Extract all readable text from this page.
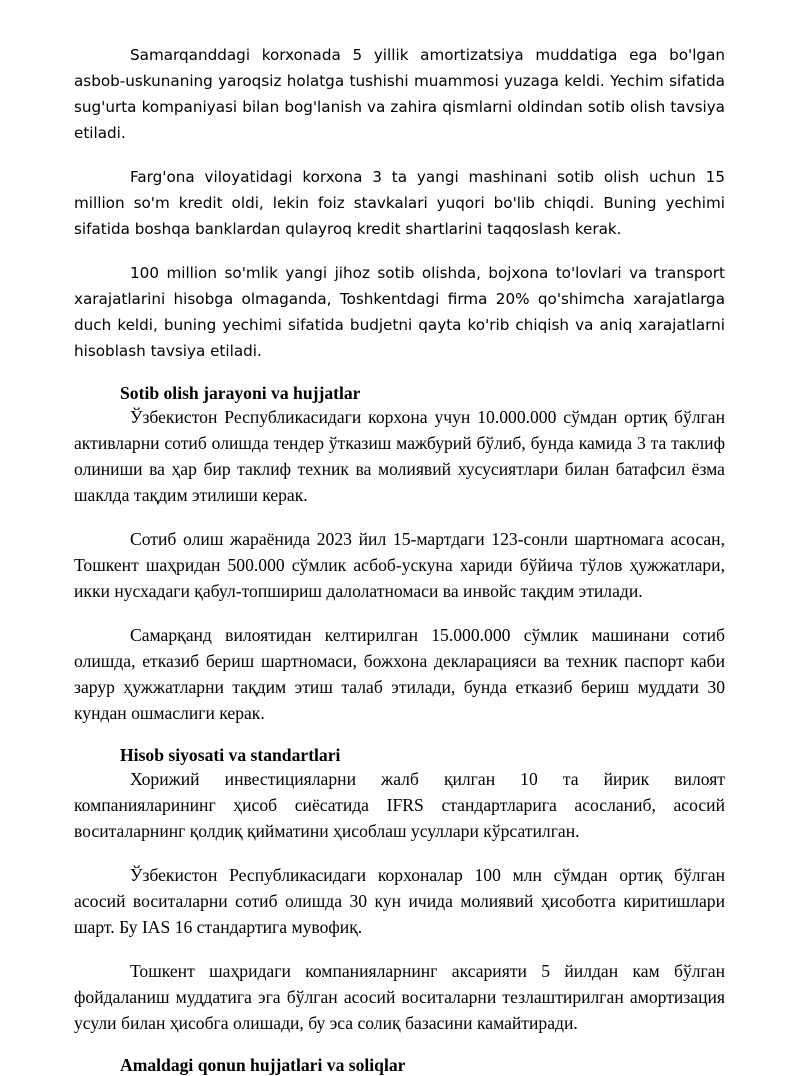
Samarqanddagi korxonada 5 yillik amortizatsiya muddatiga ega bo'lgan asbob-uskunaning yaroqsiz holatga tushishi muammosi yuzaga keldi. Yechim sifatida sug'urta kompaniyasi bilan bog'lanish va zahira qismlarni oldindan sotib olish tavsiya etiladi.

Farg'ona viloyatidagi korxona 3 ta yangi mashinani sotib olish uchun 15 million so'm kredit oldi, lekin foiz stavkalari yuqori bo'lib chiqdi. Buning yechimi sifatida boshqa banklardan qulayroq kredit shartlarini taqqoslash kerak.

100 million so'mlik yangi jihoz sotib olishda, bojxona to'lovlari va transport xarajatlarini hisobga olmaganda, Toshkentdagi firma 20% qo'shimcha xarajatlarga duch keldi, buning yechimi sifatida budjetni qayta ko'rib chiqish va aniq xarajatlarni hisoblash tavsiya etiladi.

Sotib olish jarayoni va hujjatlar

Ўзбекистон Республикасидаги корхона учун 10.000.000 сўмдан ортиқ бўлган активларни сотиб олишда тендер ўтказиш мажбурий бўлиб, бунда камида 3 та таклиф олиниши ва ҳар бир таклиф техник ва молиявий хусусиятлари билан батафсил ёзма шаклда тақдим этилиши керак.

Сотиб олиш жараёнида 2023 йил 15-мартдаги 123-сонли шартномага асосан, Тошкент шаҳридан 500.000 сўмлик асбоб-ускуна хариди бўйича тўлов ҳужжатлари, икки нусхадаги қабул-топшириш далолатномаси ва инвойс тақдим этилади.

Самарқанд вилоятидан келтирилган 15.000.000 сўмлик машинани сотиб олишда, етказиб бериш шартномаси, божхона декларацияси ва техник паспорт каби зарур ҳужжатларни тақдим этиш талаб этилади, бунда етказиб бериш муддати 30 кундан ошмаслиги керак.

Hisob siyosati va standartlari

Хорижий инвестицияларни жалб қилган 10 та йирик вилоят компанияларининг ҳисоб сиёсатида IFRS стандартларига асосланиб, асосий воситаларнинг қолдиқ қийматини ҳисоблаш усуллари кўрсатилган.

Ўзбекистон Республикасидаги корхоналар 100 млн сўмдан ортиқ бўлган асосий воситаларни сотиб олишда 30 кун ичида молиявий ҳисоботга киритишлари шарт. Бу IAS 16 стандартига мувофиқ.

Тошкент шаҳридаги компанияларнинг аксарияти 5 йилдан кам бўлган фойдаланиш муддатига эга бўлган асосий воситаларни тезлаштирилган амортизация усули билан ҳисобга олишади, бу эса солиқ базасини камайтиради.

Amaldagi qonun hujjatlari va soliqlar
